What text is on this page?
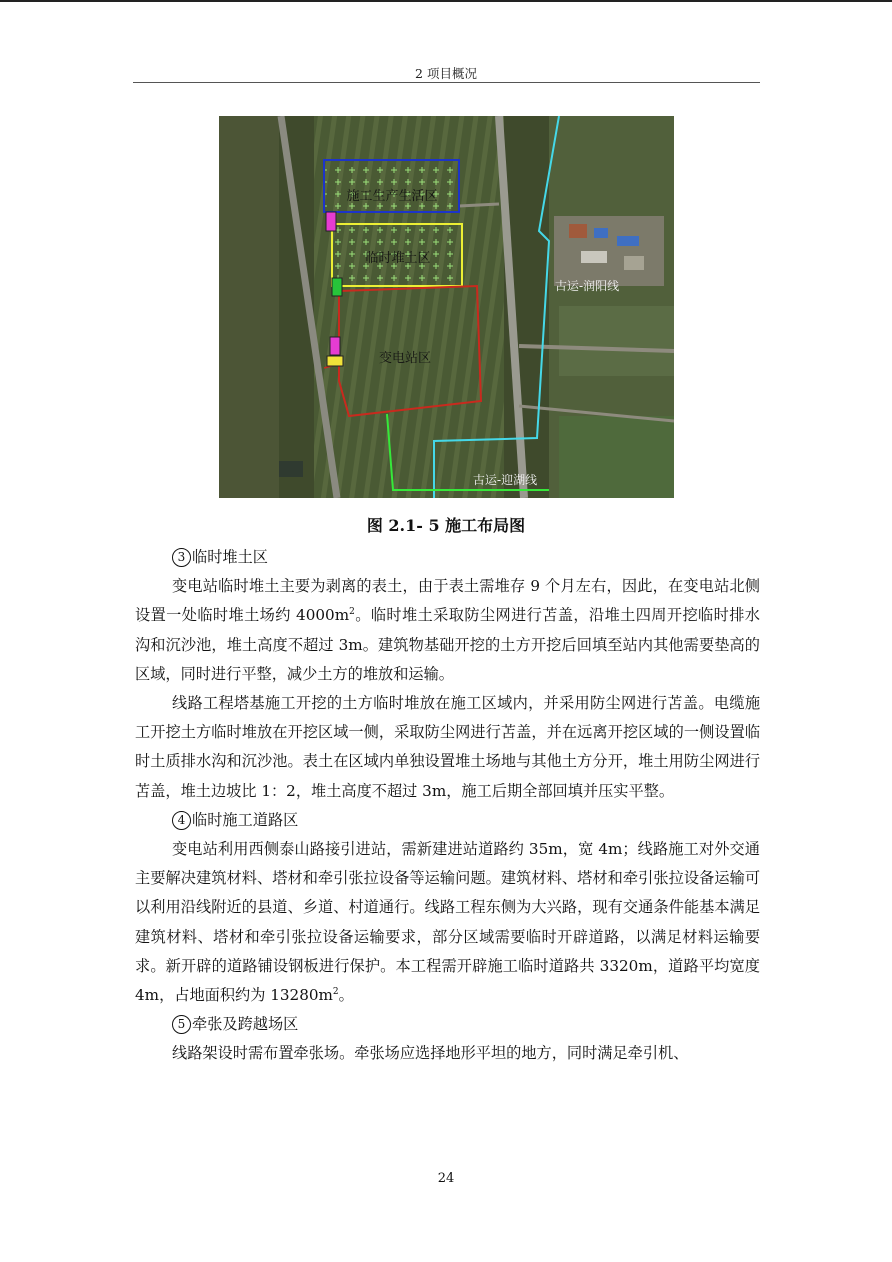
2 项目概况
施工生产生活区
临时堆土区
变电站区
古运-润阳线
古运-迎湖线
图 2.1- 5 施工布局图

3 临时堆土区

变电站临时堆土主要为剥离的表土，由于表土需堆存 9 个月左右，因此，在变电站北侧设置一处临时堆土场约 $4000m^2$。临时堆土采取防尘网进行苫盖，沿堆土四周开挖临时排水沟和沉沙池，堆土高度不超过 3m。建筑物基础开挖的土方开挖后回填至站内其他需要垫高的区域，同时进行平整，减少土方的堆放和运输。

线路工程塔基施工开挖的土方临时堆放在施工区域内，并采用防尘网进行苫盖。电缆施工开挖土方临时堆放在开挖区域一侧，采取防尘网进行苫盖，并在远离开挖区域的一侧设置临时土质排水沟和沉沙池。表土在区域内单独设置堆土场地与其他土方分开，堆土用防尘网进行苫盖，堆土边坡比 1：2，堆土高度不超过 3m，施工后期全部回填并压实平整。

4 临时施工道路区

变电站利用西侧泰山路接引进站，需新建进站道路约 35m，宽 4m；线路施工对外交通主要解决建筑材料、塔材和牵引张拉设备等运输问题。建筑材料、塔材和牵引张拉设备运输可以利用沿线附近的县道、乡道、村道通行。线路工程东侧为大兴路，现有交通条件能基本满足建筑材料、塔材和牵引张拉设备运输要求，部分区域需要临时开辟道路，以满足材料运输要求。新开辟的道路铺设钢板进行保护。本工程需开辟施工临时道路共 3320m，道路平均宽度 4m，占地面积约为 $13280m^2$。

5 牵张及跨越场区

线路架设时需布置牵张场。牵张场应选择地形平坦的地方，同时满足牵引机、

24
